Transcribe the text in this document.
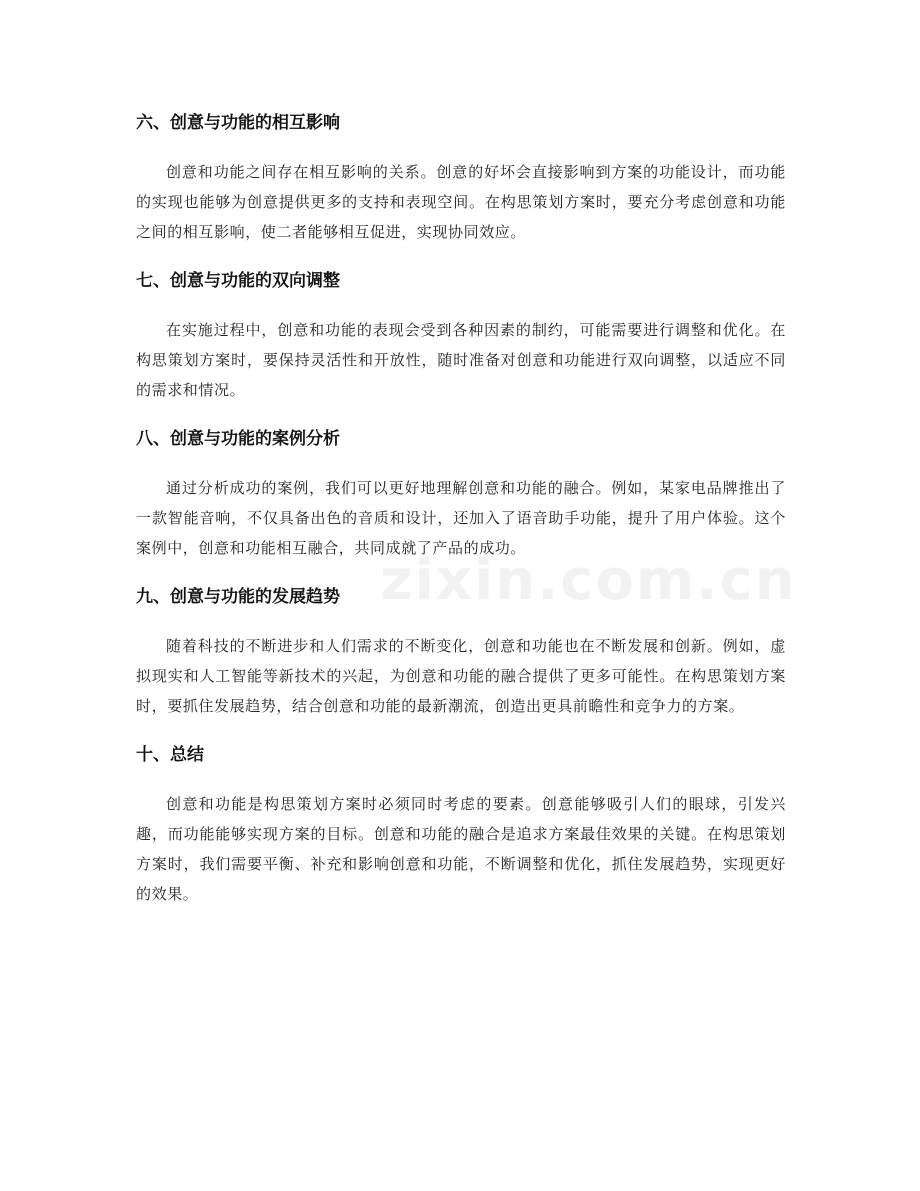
六、创意与功能的相互影响

创意和功能之间存在相互影响的关系。创意的好坏会直接影响到方案的功能设计，而功能的实现也能够为创意提供更多的支持和表现空间。在构思策划方案时，要充分考虑创意和功能之间的相互影响，使二者能够相互促进，实现协同效应。

七、创意与功能的双向调整

在实施过程中，创意和功能的表现会受到各种因素的制约，可能需要进行调整和优化。在构思策划方案时，要保持灵活性和开放性，随时准备对创意和功能进行双向调整，以适应不同的需求和情况。

八、创意与功能的案例分析

通过分析成功的案例，我们可以更好地理解创意和功能的融合。例如，某家电品牌推出了一款智能音响，不仅具备出色的音质和设计，还加入了语音助手功能，提升了用户体验。这个案例中，创意和功能相互融合，共同成就了产品的成功。

九、创意与功能的发展趋势

随着科技的不断进步和人们需求的不断变化，创意和功能也在不断发展和创新。例如，虚拟现实和人工智能等新技术的兴起，为创意和功能的融合提供了更多可能性。在构思策划方案时，要抓住发展趋势，结合创意和功能的最新潮流，创造出更具前瞻性和竞争力的方案。

十、总结

创意和功能是构思策划方案时必须同时考虑的要素。创意能够吸引人们的眼球，引发兴趣，而功能能够实现方案的目标。创意和功能的融合是追求方案最佳效果的关键。在构思策划方案时，我们需要平衡、补充和影响创意和功能，不断调整和优化，抓住发展趋势，实现更好的效果。

zixin.com.cn
